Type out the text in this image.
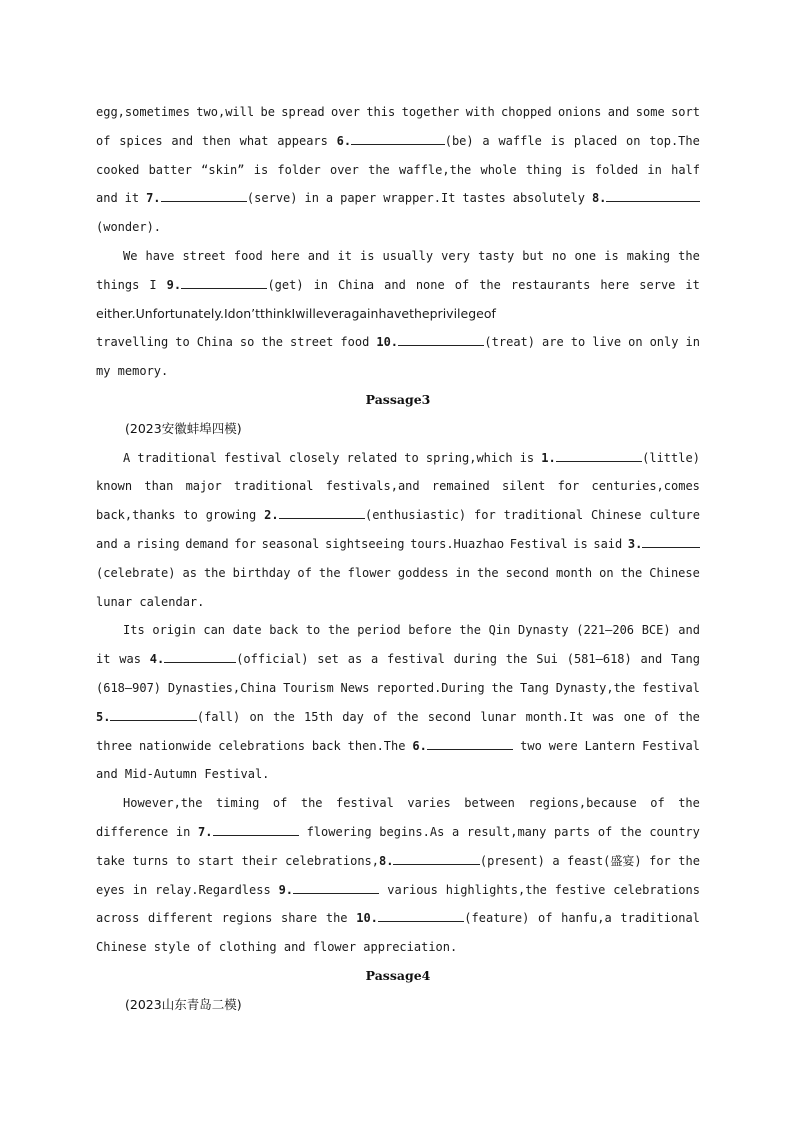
egg,sometimes two,will be spread over this together with chopped onions and some sort
of spices and then what appears 6.	(be) a waffle is placed on top.The
cooked batter “skin” is folder over the waffle,the whole thing is folded in half
and it 7.	(serve) in a paper wrapper.It tastes absolutely 8.
(wonder).
We have street food here and it is usually very tasty but no one is making the
things I 9.	(get) in China and none of the restaurants here serve it
either.Unfortunately.I don’t think I will ever again have the privilege of
travelling to China so the street food 10.	(treat) are to live on only in
my memory.
Passage3
(2023安徽蚌埠四模)
A traditional festival closely related to spring,which is 1.	(little)
known than major traditional festivals,and remained silent for centuries,comes
back,thanks to growing 2.	(enthusiastic) for traditional Chinese culture
and a rising demand for seasonal sightseeing tours.Huazhao Festival is said 3.
(celebrate) as the birthday of the flower goddess in the second month on the Chinese
lunar calendar.
Its origin can date back to the period before the Qin Dynasty (221—206 BCE) and
it was 4.	(official) set as a festival during the Sui (581—618) and Tang
(618—907) Dynasties,China Tourism News reported.During the Tang Dynasty,the festival
5.	(fall) on the 15th day of the second lunar month.It was one of the
three nationwide celebrations back then.The 6.	two were Lantern Festival
and Mid-Autumn Festival.
However,the timing of the festival varies between regions,because of the
difference in 7.	flowering begins.As a result,many parts of the country
take turns to start their celebrations,8.	(present) a feast(盛宴) for the
eyes in relay.Regardless 9.	various highlights,the festive celebrations
across different regions share the 10.	(feature) of hanfu,a traditional
Chinese style of clothing and flower appreciation.
Passage4
(2023山东青岛二模)
